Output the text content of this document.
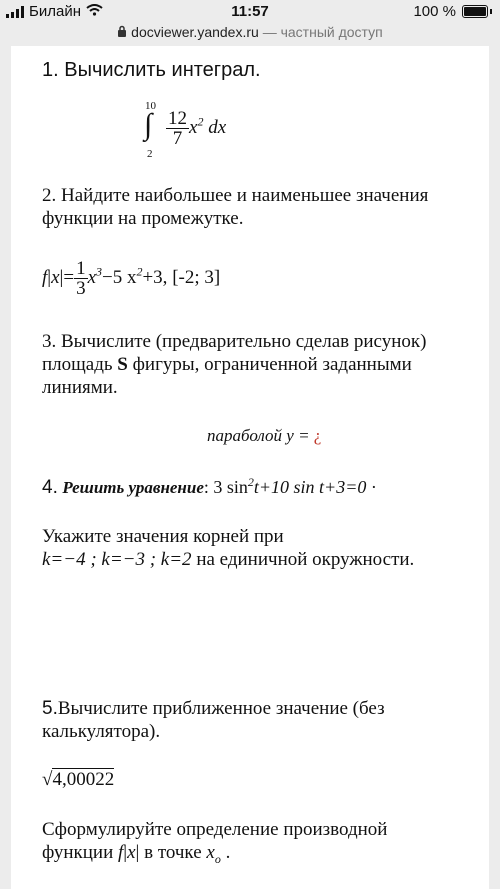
Билайн	11:57	100 %
docviewer.yandex.ru — частный доступ
1. Вычислить интеграл.
10
∫
2
$\frac{12}{7} x^2$ dx
2. Найдите наибольшее и наименьшее значения функции на промежутке.
$f|x|= \frac{1}{3} x^3-5$ $x^2+3$, [-2; 3]
3. Вычислите (предварительно сделав рисунок) площадь S фигуры, ограниченной заданными линиями.
параболой y = ¿
4. Решить уравнение: 3 $\sin^2t+10$ sin t+3=0 ·
Укажите значения корней при
k=−4 ; k=−3 ; k=2 на единичной окружности.
5.Вычислите приближенное значение (без калькулятора).
√4,00022
Сформулируйте определение производной функции f|x| в точке $x_o$ .
